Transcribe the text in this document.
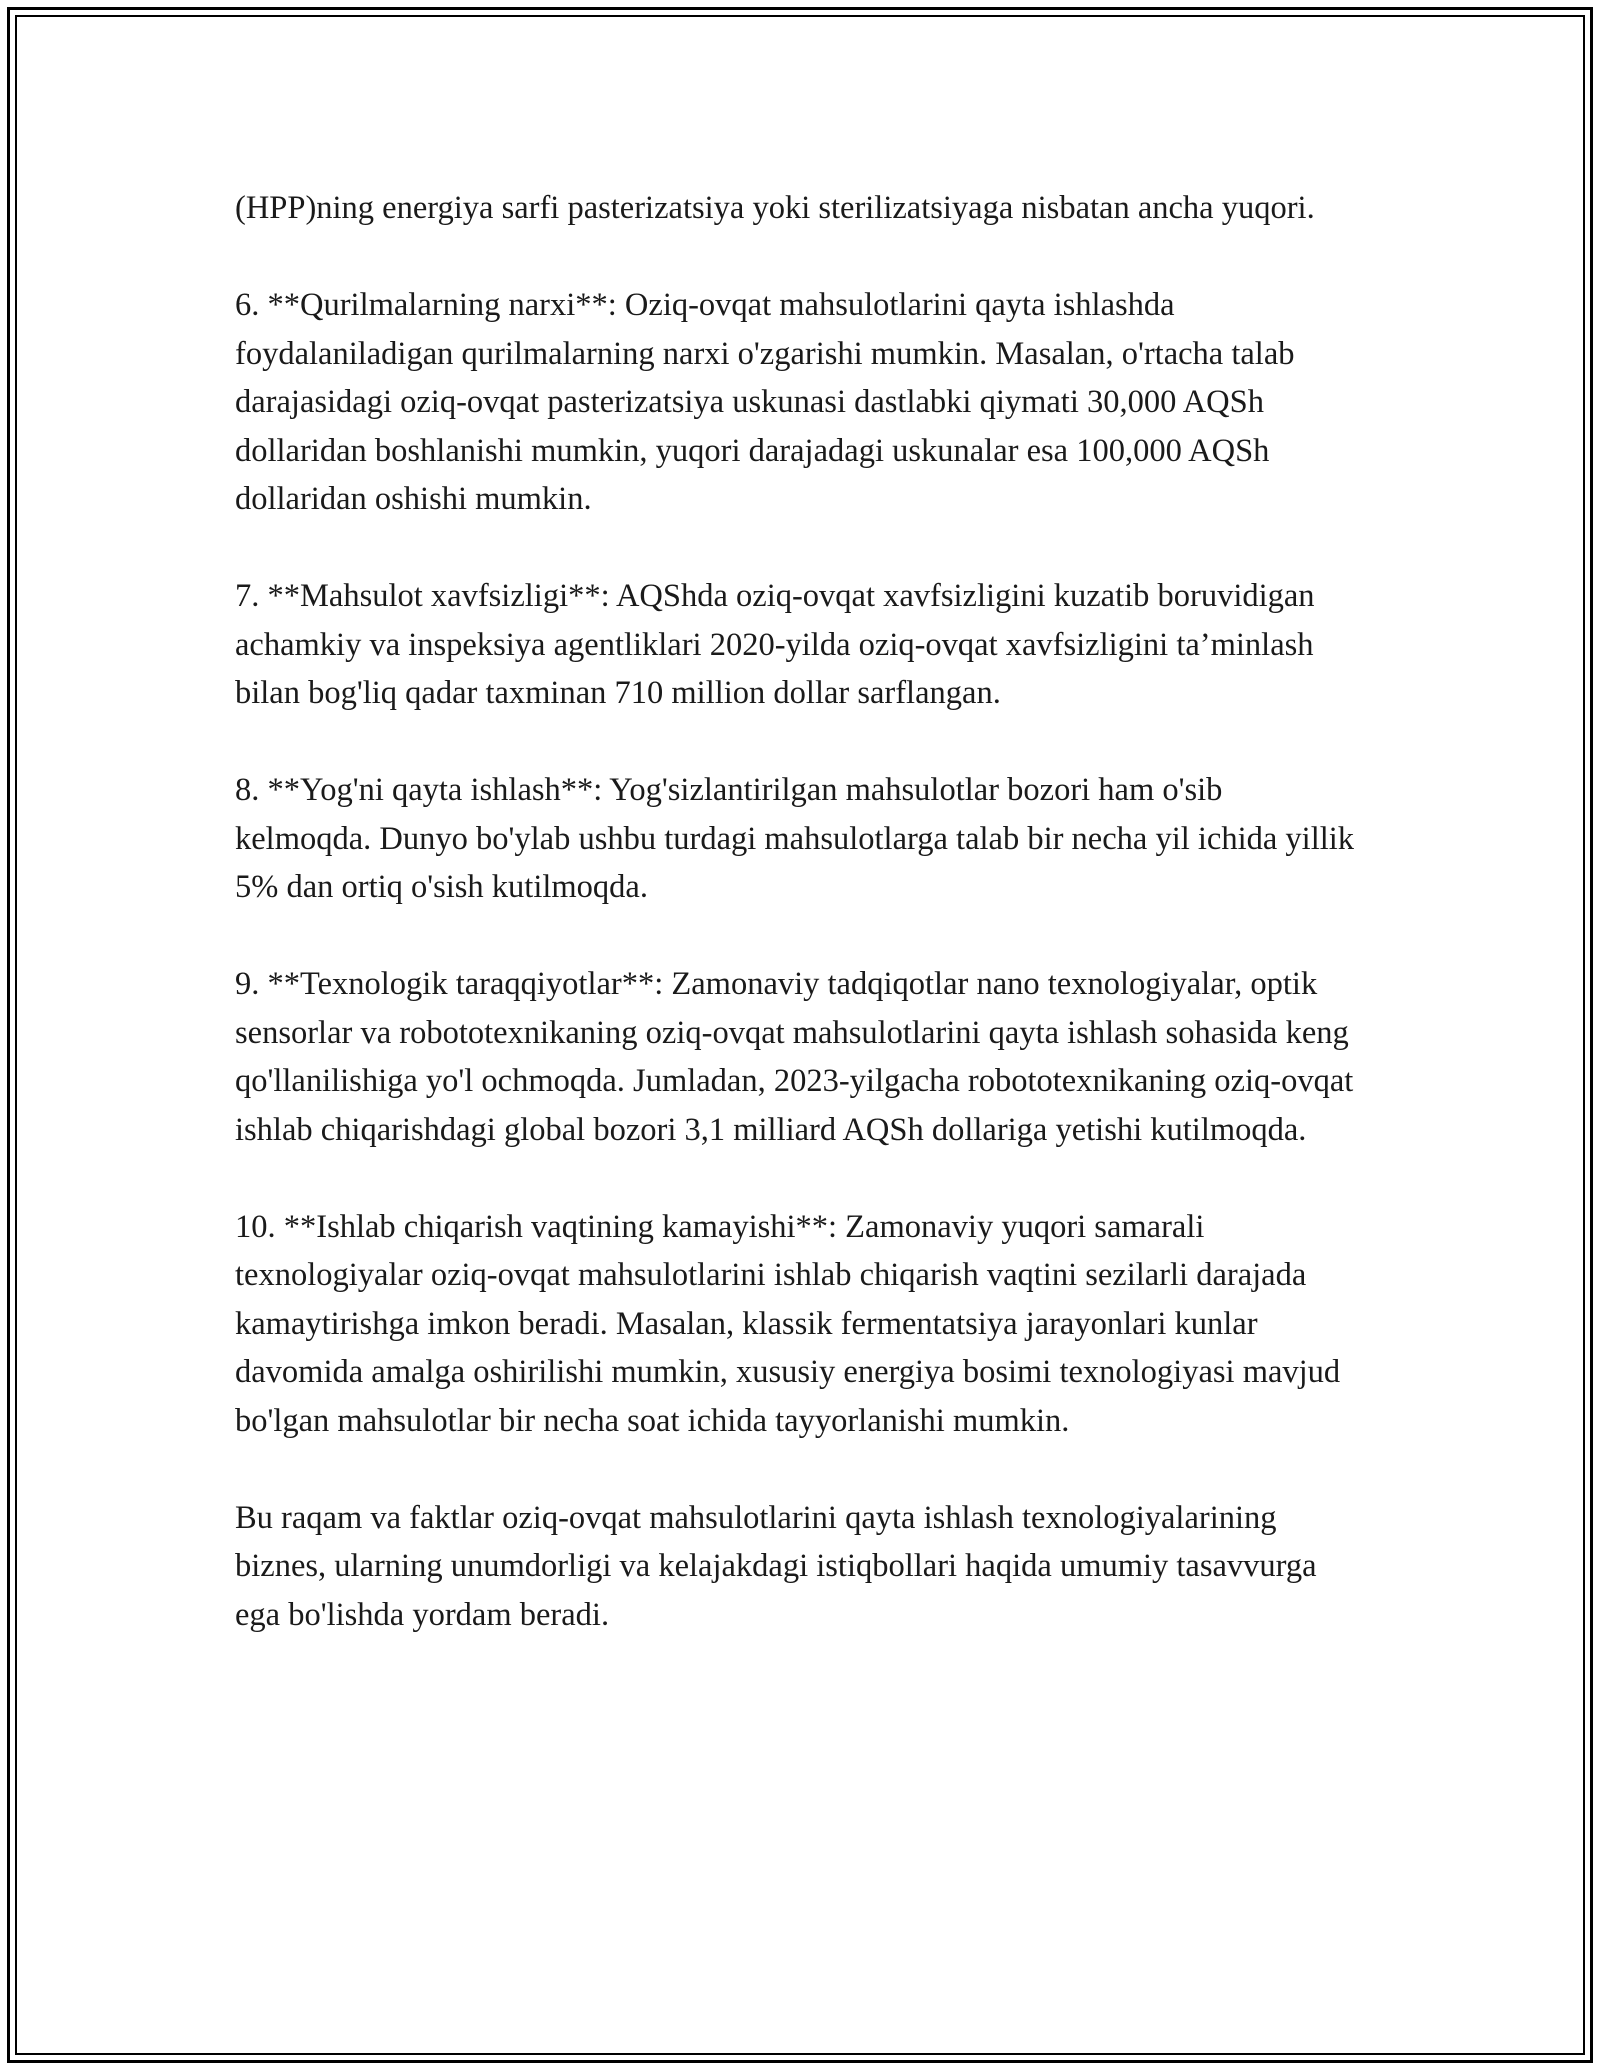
(HPP)ning energiya sarfi pasterizatsiya yoki sterilizatsiyaga nisbatan ancha yuqori.

6. **Qurilmalarning narxi**: Oziq-ovqat mahsulotlarini qayta ishlashda foydalaniladigan qurilmalarning narxi o'zgarishi mumkin. Masalan, o'rtacha talab darajasidagi oziq-ovqat pasterizatsiya uskunasi dastlabki qiymati 30,000 AQSh dollaridan boshlanishi mumkin, yuqori darajadagi uskunalar esa 100,000 AQSh dollaridan oshishi mumkin.

7. **Mahsulot xavfsizligi**: AQShda oziq-ovqat xavfsizligini kuzatib boruvidigan achamkiy va inspeksiya agentliklari 2020-yilda oziq-ovqat xavfsizligini ta’minlash bilan bog'liq qadar taxminan 710 million dollar sarflangan.

8. **Yog'ni qayta ishlash**: Yog'sizlantirilgan mahsulotlar bozori ham o'sib kelmoqda. Dunyo bo'ylab ushbu turdagi mahsulotlarga talab bir necha yil ichida yillik 5% dan ortiq o'sish kutilmoqda.

9. **Texnologik taraqqiyotlar**: Zamonaviy tadqiqotlar nano texnologiyalar, optik sensorlar va robototexnikaning oziq-ovqat mahsulotlarini qayta ishlash sohasida keng qo'llanilishiga yo'l ochmoqda. Jumladan, 2023-yilgacha robototexnikaning oziq-ovqat ishlab chiqarishdagi global bozori 3,1 milliard AQSh dollariga yetishi kutilmoqda.

10. **Ishlab chiqarish vaqtining kamayishi**: Zamonaviy yuqori samarali texnologiyalar oziq-ovqat mahsulotlarini ishlab chiqarish vaqtini sezilarli darajada kamaytirishga imkon beradi. Masalan, klassik fermentatsiya jarayonlari kunlar davomida amalga oshirilishi mumkin, xususiy energiya bosimi texnologiyasi mavjud bo'lgan mahsulotlar bir necha soat ichida tayyorlanishi mumkin.

Bu raqam va faktlar oziq-ovqat mahsulotlarini qayta ishlash texnologiyalarining biznes, ularning unumdorligi va kelajakdagi istiqbollari haqida umumiy tasavvurga ega bo'lishda yordam beradi.
